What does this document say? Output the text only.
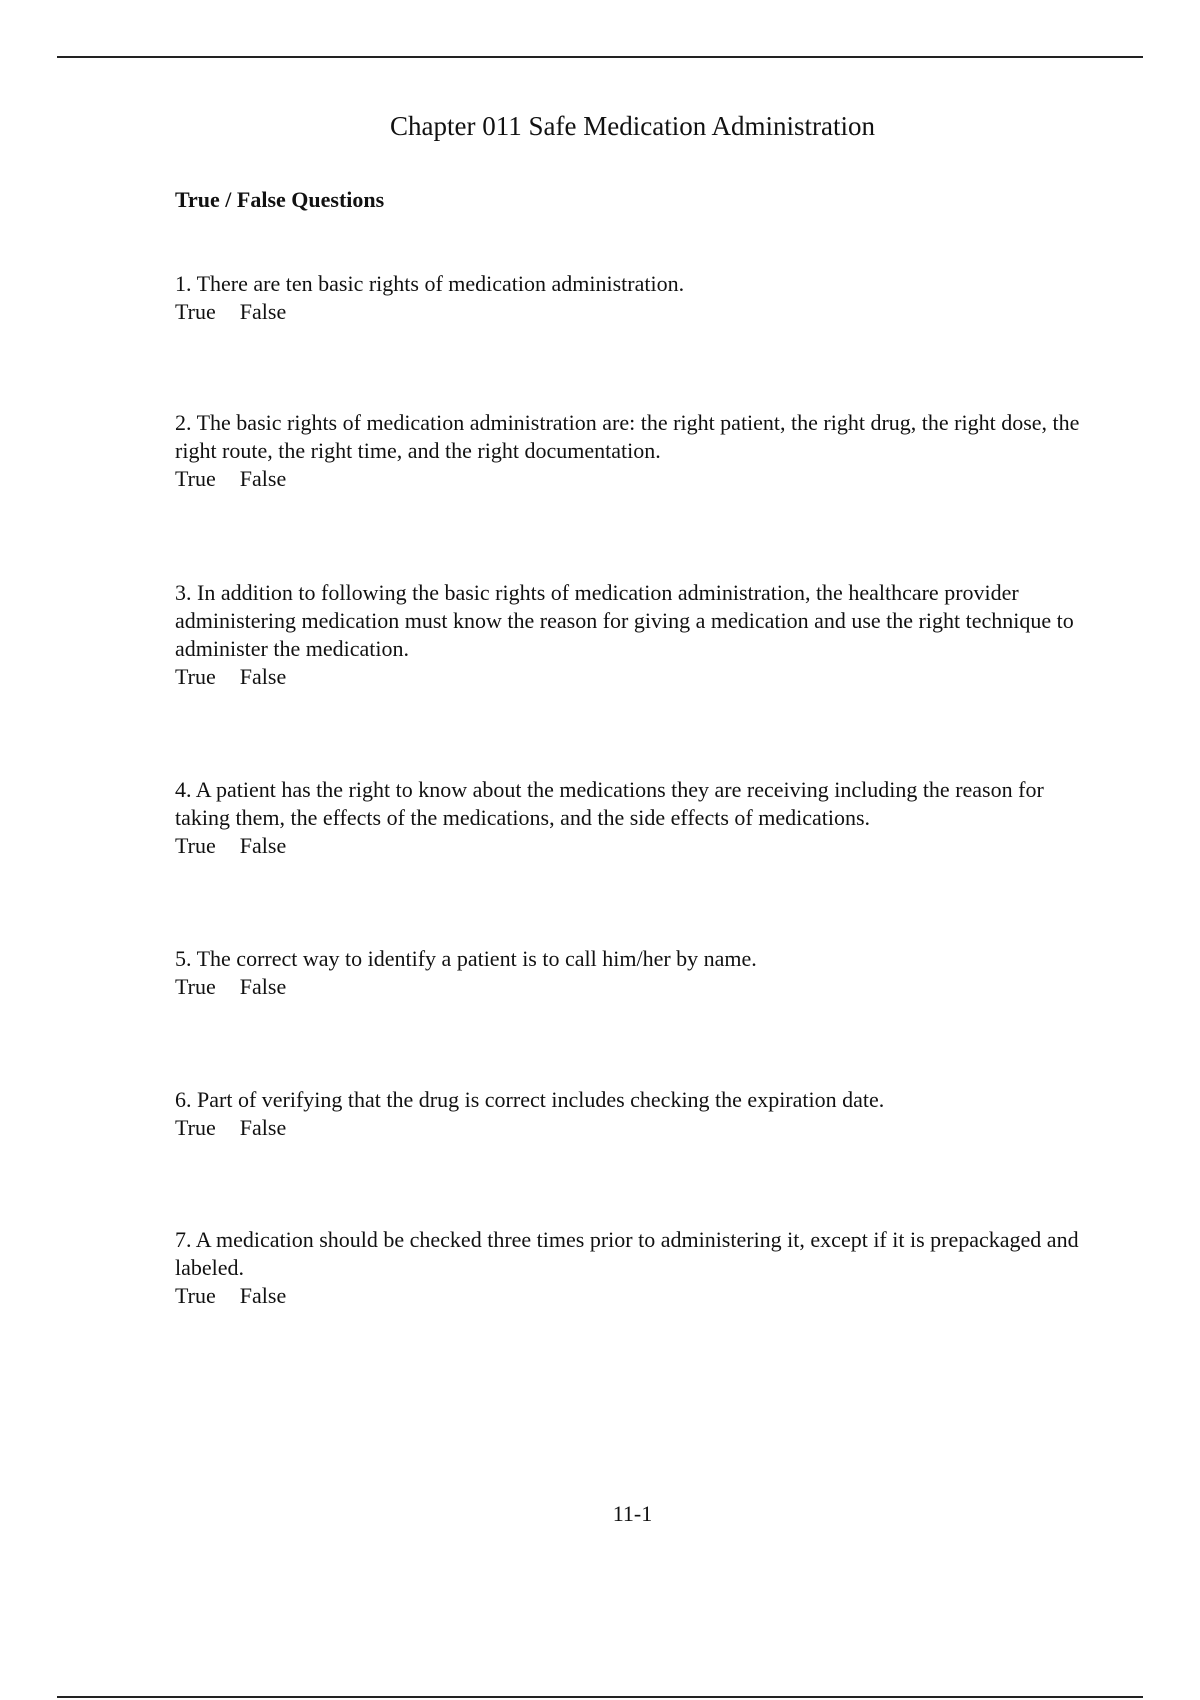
Chapter 011 Safe Medication Administration
True / False Questions

1. There are ten basic rights of medication administration.

True False

2. The basic rights of medication administration are: the right patient, the right drug, the right dose, the right route, the right time, and the right documentation.

True False

3. In addition to following the basic rights of medication administration, the healthcare provider administering medication must know the reason for giving a medication and use the right technique to administer the medication.

True False

4. A patient has the right to know about the medications they are receiving including the reason for taking them, the effects of the medications, and the side effects of medications.

True False

5. The correct way to identify a patient is to call him/her by name.

True False

6. Part of verifying that the drug is correct includes checking the expiration date.

True False

7. A medication should be checked three times prior to administering it, except if it is prepackaged and labeled.

True False

11-1
